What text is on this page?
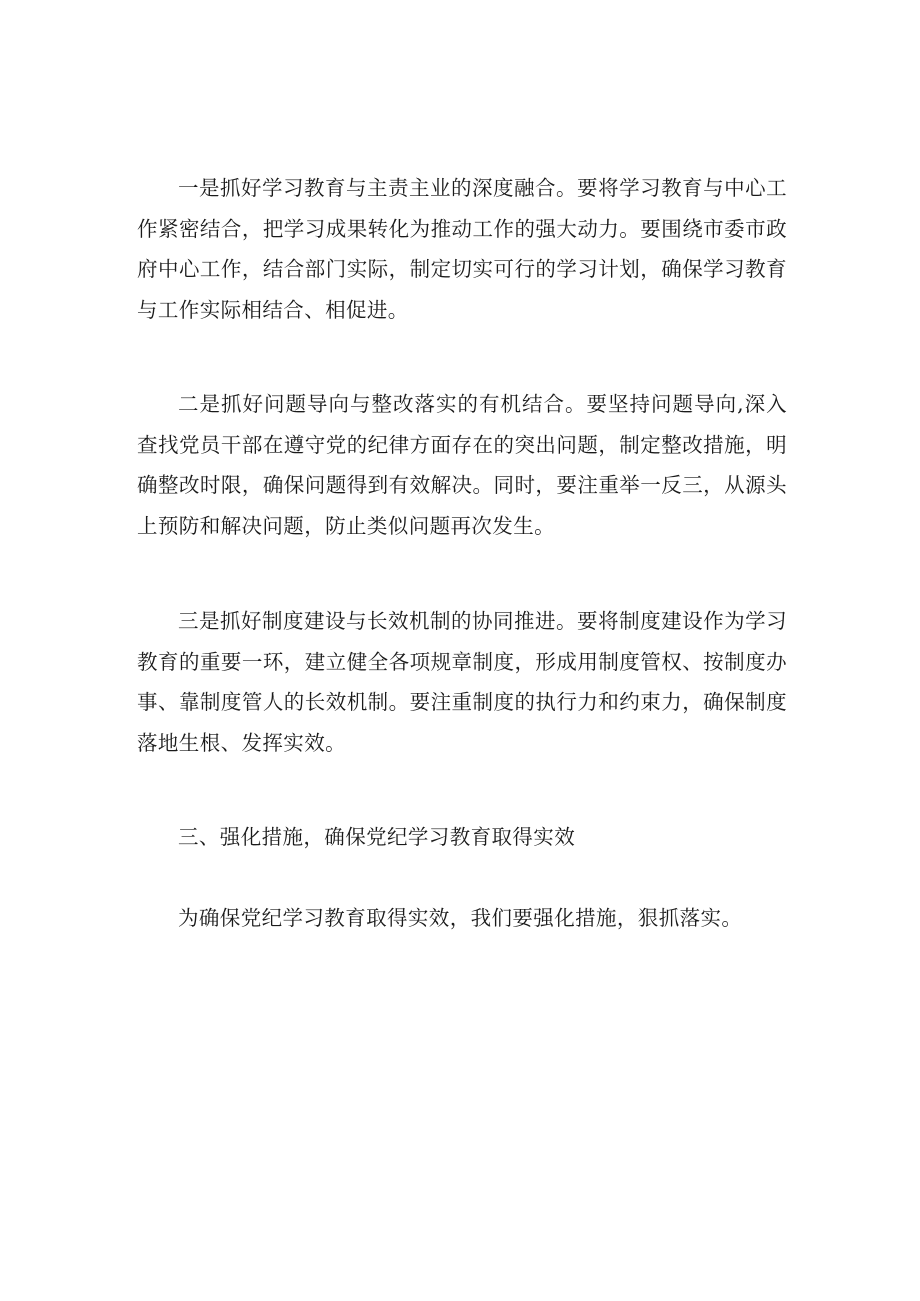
一是抓好学习教育与主责主业的深度融合。要将学习教育与中心工作紧密结合，把学习成果转化为推动工作的强大动力。要围绕市委市政府中心工作，结合部门实际，制定切实可行的学习计划，确保学习教育与工作实际相结合、相促进。

二是抓好问题导向与整改落实的有机结合。要坚持问题导向,深入查找党员干部在遵守党的纪律方面存在的突出问题，制定整改措施，明确整改时限，确保问题得到有效解决。同时，要注重举一反三，从源头上预防和解决问题，防止类似问题再次发生。

三是抓好制度建设与长效机制的协同推进。要将制度建设作为学习教育的重要一环，建立健全各项规章制度，形成用制度管权、按制度办事、靠制度管人的长效机制。要注重制度的执行力和约束力，确保制度落地生根、发挥实效。

三、强化措施，确保党纪学习教育取得实效

为确保党纪学习教育取得实效，我们要强化措施，狠抓落实。
